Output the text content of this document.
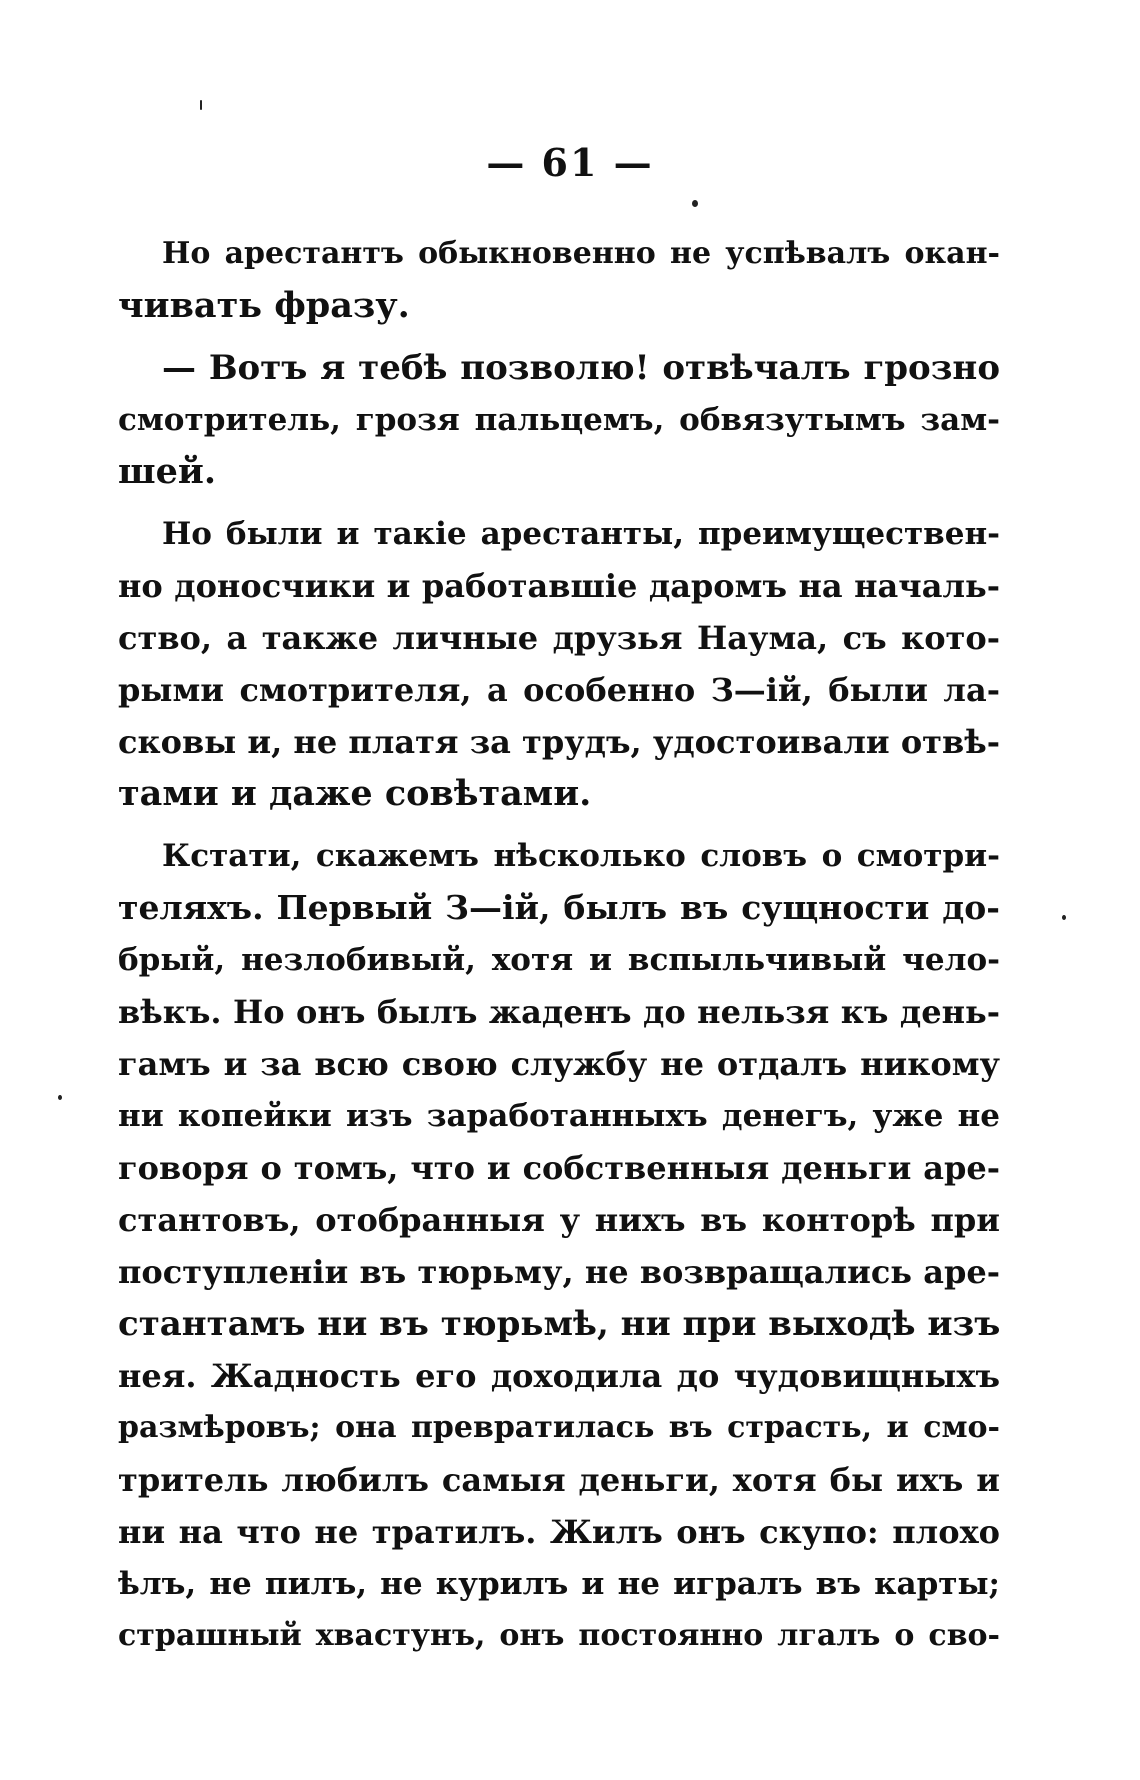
— 61 —
Но арестантъ обыкновенно не успѣвалъ окан-
чивать фразу.
— Вотъ я тебѣ позволю! отвѣчалъ грозно
смотритель, грозя пальцемъ, обвязутымъ зам-
шей.
Но были и такіе арестанты, преимуществен-
но доносчики и работавшіе даромъ на началь-
ство, а также личные друзья Наума, съ кото-
рыми смотрителя, а особенно З—ій, были ла-
сковы и, не платя за трудъ, удостоивали отвѣ-
тами и даже совѣтами.
Кстати, скажемъ нѣсколько словъ о смотри-
теляхъ. Первый З—ій, былъ въ сущности до-
брый, незлобивый, хотя и вспыльчивый чело-
вѣкъ. Но онъ былъ жаденъ до нельзя къ день-
гамъ и за всю свою службу не отдалъ никому
ни копейки изъ заработанныхъ денегъ, уже не
говоря о томъ, что и собственныя деньги аре-
стантовъ, отобранныя у нихъ въ конторѣ при
поступленіи въ тюрьму, не возвращались аре-
стантамъ ни въ тюрьмѣ, ни при выходѣ изъ
нея. Жадность его доходила до чудовищныхъ
размѣровъ; она превратилась въ страсть, и смо-
тритель любилъ самыя деньги, хотя бы ихъ и
ни на что не тратилъ. Жилъ онъ скупо: плохо
ѣлъ, не пилъ, не курилъ и не игралъ въ карты;
страшный хвастунъ, онъ постоянно лгалъ о сво-
